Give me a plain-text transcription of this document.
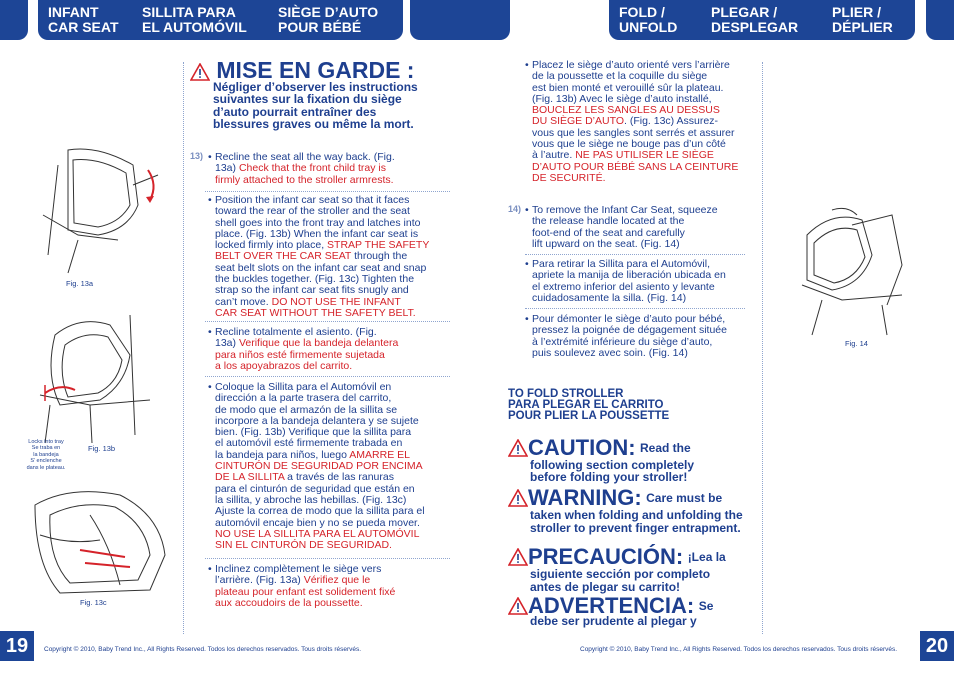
INFANT
CAR SEAT
SILLITA PARA
EL AUTOMÓVIL
SIÈGE D’AUTO
POUR BÉBÉ
FOLD /
UNFOLD
PLEGAR /
DESPLEGAR
PLIER /
DÉPLIER
MISE EN GARDE :
Négliger d’observer les instructions
suivantes sur la fixation du siège
d’auto pourrait entraîner des
blessures graves ou même la mort.
13) • Recline the seat all the way back. (Fig.
13a) Check that the front child tray is
firmly attached to the stroller armrests.
• Position the infant car seat so that it faces
toward the rear of the stroller and the seat
shell goes into the front tray and latches into
place. (Fig. 13b) When the infant car seat is
locked firmly into place, STRAP THE SAFETY
BELT OVER THE CAR SEAT through the
seat belt slots on the infant car seat and snap
the buckles together. (Fig. 13c) Tighten the
strap so the infant car seat fits snugly and
can’t move. DO NOT USE THE INFANT
CAR SEAT WITHOUT THE SAFETY BELT.
• Recline totalmente el asiento. (Fig.
13a) Verifique que la bandeja delantera
para niños esté firmemente sujetada
a los apoyabrazos del carrito.
• Coloque la Sillita para el Automóvil en
dirección a la parte trasera del carrito,
de modo que el armazón de la sillita se
incorpore a la bandeja delantera y se sujete
bien. (Fig. 13b) Verifique que la sillita para
el automóvil esté firmemente trabada en
la bandeja para niños, luego AMARRE EL
CINTURÓN DE SEGURIDAD POR ENCIMA
DE LA SILLITA a través de las ranuras
para el cinturón de seguridad que están en
la sillita, y abroche las hebillas. (Fig. 13c)
Ajuste la correa de modo que la sillita para el
automóvil encaje bien y no se pueda mover.
NO USE LA SILLITA PARA EL AUTOMÓVIL
SIN EL CINTURÓN DE SEGURIDAD.
• Inclinez complètement le siège vers
l’arrière. (Fig. 13a) Vérifiez que le
plateau pour enfant est solidement fixé
aux accoudoirs de la poussette.
Fig. 13a
Fig. 13b
Locks into tray
Se traba en
la bandeja
S’ enclenche
dans le plateau.
Fig. 13c
• Placez le siège d’auto orienté vers l’arrière
de la poussette et la coquille du siège
est bien monté et verouillé sûr la plateau.
(Fig. 13b) Avec le siège d’auto installé,
BOUCLEZ LES SANGLES AU DESSUS
DU SIÈGE D’AUTO. (Fig. 13c) Assurez-
vous que les sangles sont serrés et assurer
vous que le siège ne bouge pas d’un côté
à l’autre. NE PAS UTILISER LE SIÈGE
D’AUTO POUR BÉBÉ SANS LA CEINTURE
DE SECURITÉ.
14) • To remove the Infant Car Seat, squeeze
the release handle located at the
foot-end of the seat and carefully
lift upward on the seat. (Fig. 14)
• Para retirar la Sillita para el Automóvil,
apriete la manija de liberación ubicada en
el extremo inferior del asiento y levante
cuidadosamente la silla. (Fig. 14)
• Pour démonter le siège d’auto pour bébé,
pressez la poignée de dégagement située
à l’extrémité inférieure du siège d’auto,
puis soulevez avec soin. (Fig. 14)
Fig. 14
TO FOLD STROLLER
PARA PLEGAR EL CARRITO
POUR PLIER LA POUSSETTE
CAUTION: Read the
following section completely
before folding your stroller!
WARNING: Care must be
taken when folding and unfolding the
stroller to prevent finger entrapment.
PRECAUCIÓN: ¡Lea la
siguiente sección por completo
antes de plegar su carrito!
ADVERTENCIA: Se
debe ser prudente al plegar y
19	Copyright © 2010, Baby Trend Inc., All Rights Reserved. Todos los derechos reservados. Tous droits réservés.	20
Copyright © 2010, Baby Trend Inc., All Rights Reserved. Todos los derechos reservados. Tous droits réservés.
